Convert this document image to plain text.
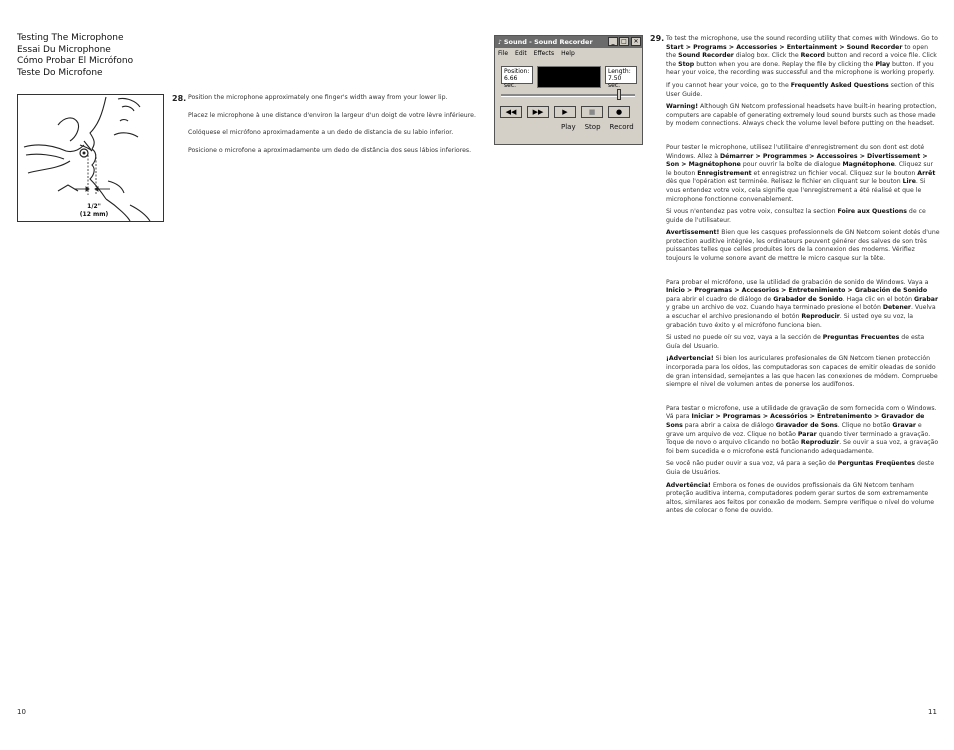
Testing The Microphone
Essai Du Microphone
Cómo Probar El Micrófono
Teste Do Microfone
1/2"
(12 mm)
28. Position the microphone approximately one finger's width away from your lower lip.

Placez le microphone à une distance d'environ la largeur d'un doigt de votre lèvre inférieure.

Colóquese el micrófono aproximadamente a un dedo de distancia de su labio inferior.

Posicione o microfone a aproximadamente um dedo de distância dos seus lábios inferiores.

♪ Sound - Sound Recorder	_	□	✕
File Edit Effects Help
Position:
6.66 sec.
Length:
7.50 sec.
◀◀	▶▶	▶	■	●
Play Stop Record
29. To test the microphone, use the sound recording utility that comes with Windows. Go to Start > Programs > Accessories > Entertainment > Sound Recorder to open the Sound Recorder dialog box. Click the Record button and record a voice file. Click the Stop button when you are done. Replay the file by clicking the Play button. If you hear your voice, the recording was successful and the microphone is working properly.

If you cannot hear your voice, go to the Frequently Asked Questions section of this User Guide.

Warning! Although GN Netcom professional headsets have built-in hearing protection, computers are capable of generating extremely loud sound bursts such as those made by modem connections. Always check the volume level before putting on the headset.

Pour tester le microphone, utilisez l'utilitaire d'enregistrement du son dont est doté Windows. Allez à Démarrer > Programmes > Accessoires > Divertissement > Son > Magnétophone pour ouvrir la boîte de dialogue Magnétophone. Cliquez sur le bouton Enregistrement et enregistrez un fichier vocal. Cliquez sur le bouton Arrêt dès que l'opération est terminée. Relisez le fichier en cliquant sur le bouton Lire. Si vous entendez votre voix, cela signifie que l'enregistrement a été réalisé et que le microphone fonctionne convenablement.

Si vous n'entendez pas votre voix, consultez la section Foire aux Questions de ce guide de l'utilisateur.

Avertissement! Bien que les casques professionnels de GN Netcom soient dotés d'une protection auditive intégrée, les ordinateurs peuvent générer des salves de son très puissantes telles que celles produites lors de la connexion des modems. Vérifiez toujours le volume sonore avant de mettre le micro casque sur la tête.

Para probar el micrófono, use la utilidad de grabación de sonido de Windows. Vaya a Inicio > Programas > Accesorios > Entretenimiento > Grabación de Sonido para abrir el cuadro de diálogo de Grabador de Sonido. Haga clic en el botón Grabar y grabe un archivo de voz. Cuando haya terminado presione el botón Detener. Vuelva a escuchar el archivo presionando el botón Reproducir. Si usted oye su voz, la grabación tuvo éxito y el micrófono funciona bien.

Si usted no puede oír su voz, vaya a la sección de Preguntas Frecuentes de esta Guía del Usuario.

¡Advertencia! Si bien los auriculares profesionales de GN Netcom tienen protección incorporada para los oídos, las computadoras son capaces de emitir oleadas de sonido de gran intensidad, semejantes a las que hacen las conexiones de módem. Compruebe siempre el nivel de volumen antes de ponerse los audífonos.

Para testar o microfone, use a utilidade de gravação de som fornecida com o Windows. Vá para Iniciar > Programas > Acessórios > Entretenimento > Gravador de Sons para abrir a caixa de diálogo Gravador de Sons. Clique no botão Gravar e grave um arquivo de voz. Clique no botão Parar quando tiver terminado a gravação. Toque de novo o arquivo clicando no botão Reproduzir. Se ouvir a sua voz, a gravação foi bem sucedida e o microfone está funcionando adequadamente.

Se você não puder ouvir a sua voz, vá para a seção de Perguntas Freqüentes deste Guia de Usuários.

Advertência! Embora os fones de ouvidos profissionais da GN Netcom tenham proteção auditiva interna, computadores podem gerar surtos de som extremamente altos, similares aos feitos por conexão de modem. Sempre verifique o nível do volume antes de colocar o fone de ouvido.

10	11
